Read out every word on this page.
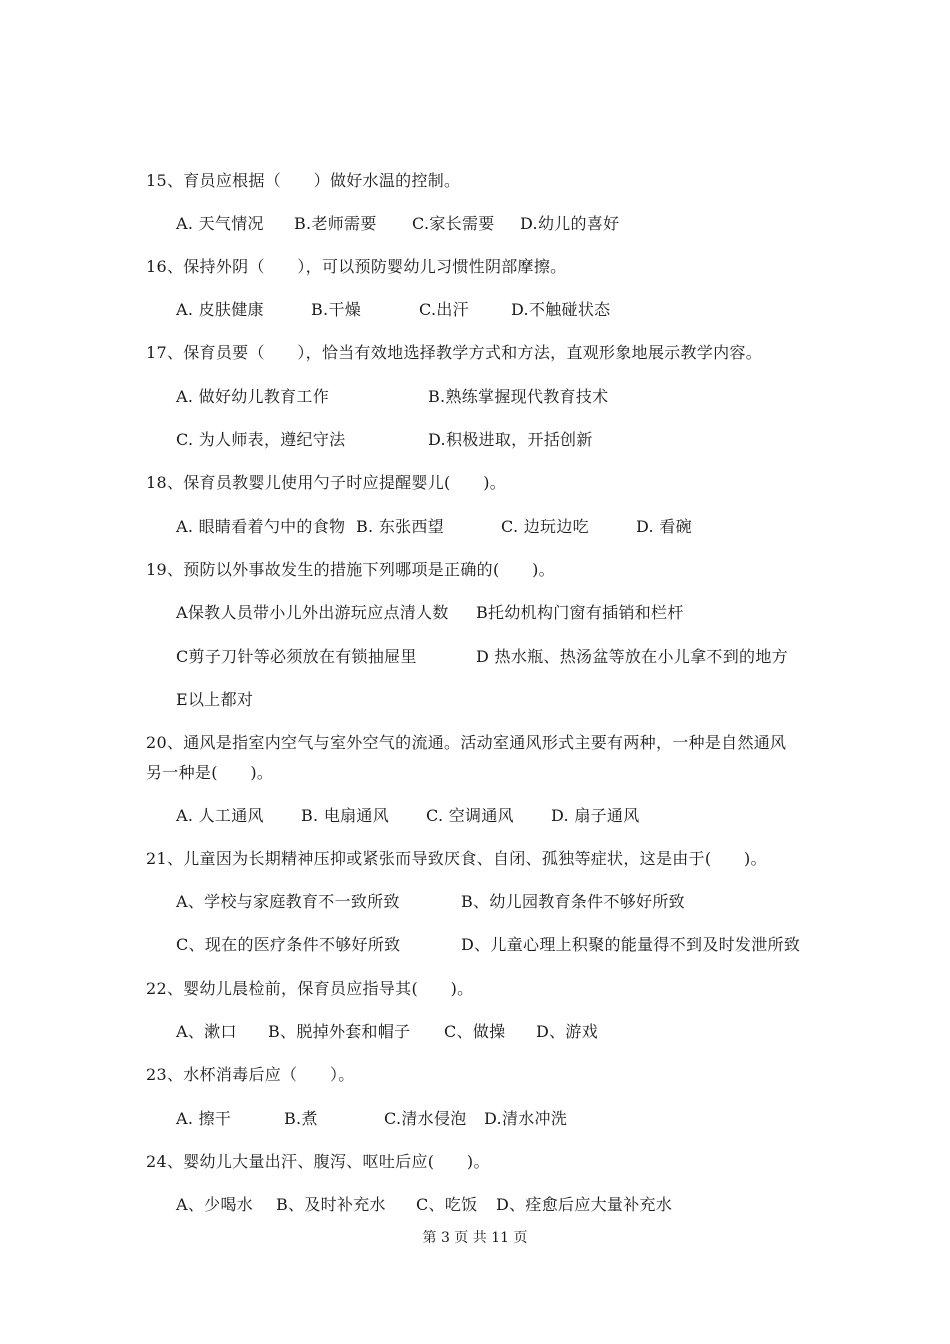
15、育员应根据（　　）做好水温的控制。
A. 天气情况 B.老师需要 C.家长需要 D.幼儿的喜好
16、保持外阴（　　），可以预防婴幼儿习惯性阴部摩擦。
A. 皮肤健康	B.干燥	C.出汗	D.不触碰状态
17、保育员要（　　），恰当有效地选择教学方式和方法，直观形象地展示教学内容。
A. 做好幼儿教育工作	B.熟练掌握现代教育技术
C. 为人师表，遵纪守法	D.积极进取，开括创新
18、保育员教婴儿使用勺子时应提醒婴儿(　　)。
A. 眼睛看着勺中的食物 B. 东张西望	C. 边玩边吃	D. 看碗
19、预防以外事故发生的措施下列哪项是正确的(　　)。
A保教人员带小儿外出游玩应点清人数 B托幼机构门窗有插销和栏杆
C剪子刀针等必须放在有锁抽屉里	D 热水瓶、热汤盆等放在小儿拿不到的地方
E以上都对
20、通风是指室内空气与室外空气的流通。活动室通风形式主要有两种，一种是自然通风
另一种是(　　)。
A. 人工通风 B. 电扇通风 C. 空调通风 D. 扇子通风
21、儿童因为长期精神压抑或紧张而导致厌食、自闭、孤独等症状，这是由于(　　)。
A、学校与家庭教育不一致所致	B、幼儿园教育条件不够好所致
C、现在的医疗条件不够好所致	D、儿童心理上积聚的能量得不到及时发泄所致
22、婴幼儿晨检前，保育员应指导其(　　)。
A、漱口 B、脱掉外套和帽子 C、做操 D、游戏
23、水杯消毒后应（　　）。
A. 擦干	B.煮	C.清水侵泡 D.清水冲洗
24、婴幼儿大量出汗、腹泻、呕吐后应(　　)。
A、少喝水 B、及时补充水 C、吃饭 D、痊愈后应大量补充水
第 3 页 共 11 页
